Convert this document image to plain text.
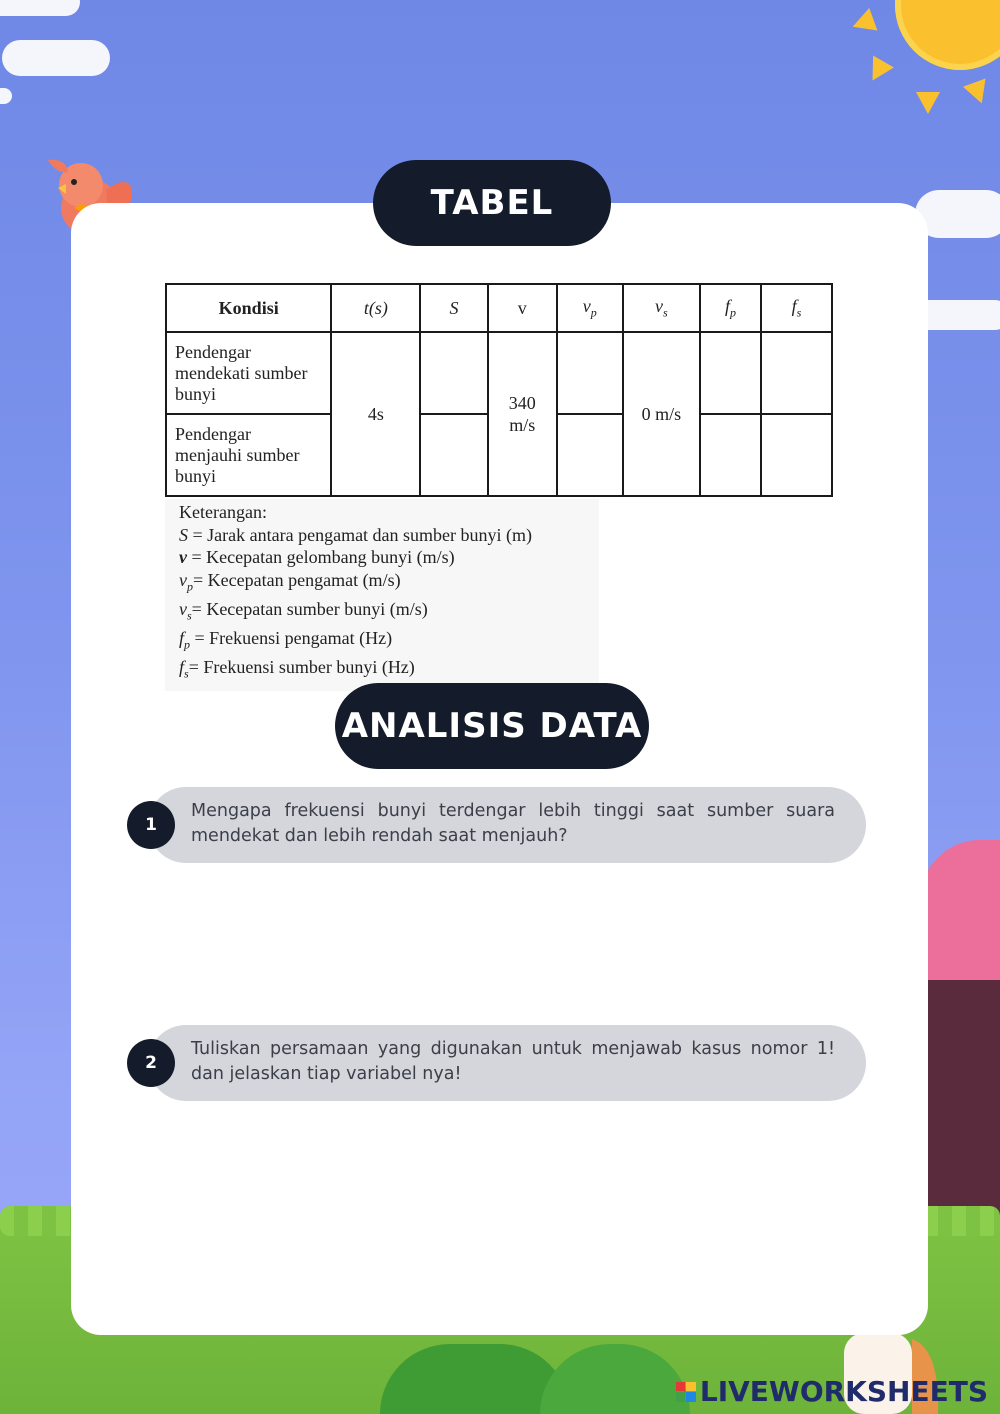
TABEL
Kondisi	t(s)	S	v	$v_p$	$v_s$	$f_p$	$f_s$
Pendengar mendekati sumber bunyi	4s		340 m/s		0 m/s		
Pendengar menjauhi sumber bunyi							
Keterangan:
S = Jarak antara pengamat dan sumber bunyi (m)
v = Kecepatan gelombang bunyi (m/s)
$v_p=$ Kecepatan pengamat (m/s)
$v_s=$ Kecepatan sumber bunyi (m/s)
$f_p$ = Frekuensi pengamat (Hz)
$f_s=$ Frekuensi sumber bunyi (Hz)
ANALISIS DATA
Mengapa frekuensi bunyi terdengar lebih tinggi saat sumber suara mendekat dan lebih rendah saat menjauh?
1
Tuliskan persamaan yang digunakan untuk menjawab kasus nomor 1! dan jelaskan tiap variabel nya!
2
LIVEWORKSHEETS
